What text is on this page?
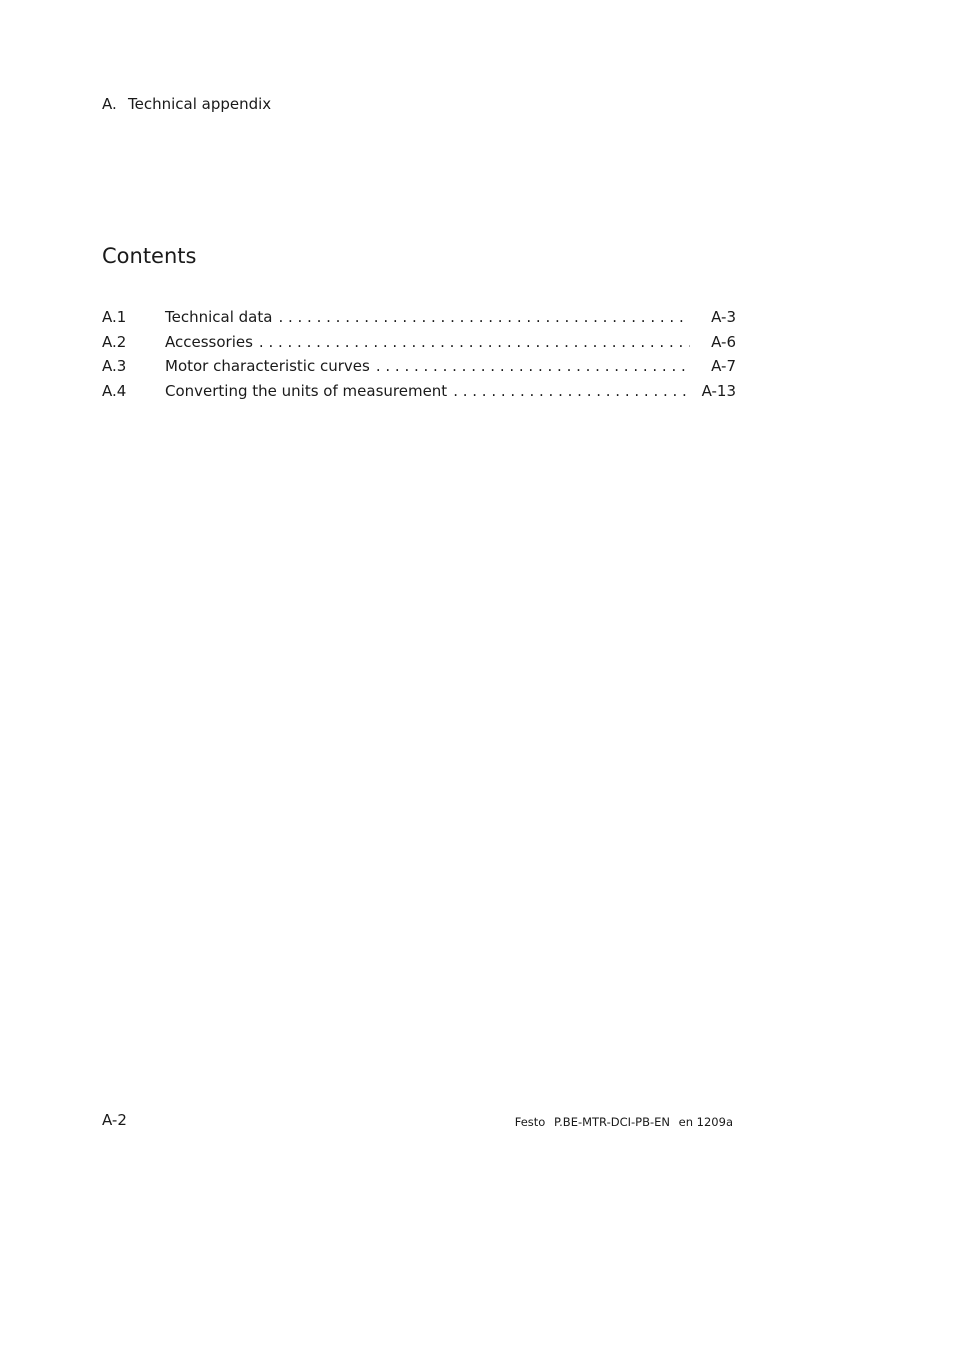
A. Technical appendix
Contents
A.1	Technical data . . .	A-3
A.2	Accessories . . .	A-6
A.3	Motor characteristic curves . . .	A-7
A.4	Converting the units of measurement . . .	A-13
A-2	Festo P.BE-MTR-DCI-PB-EN en 1209a
